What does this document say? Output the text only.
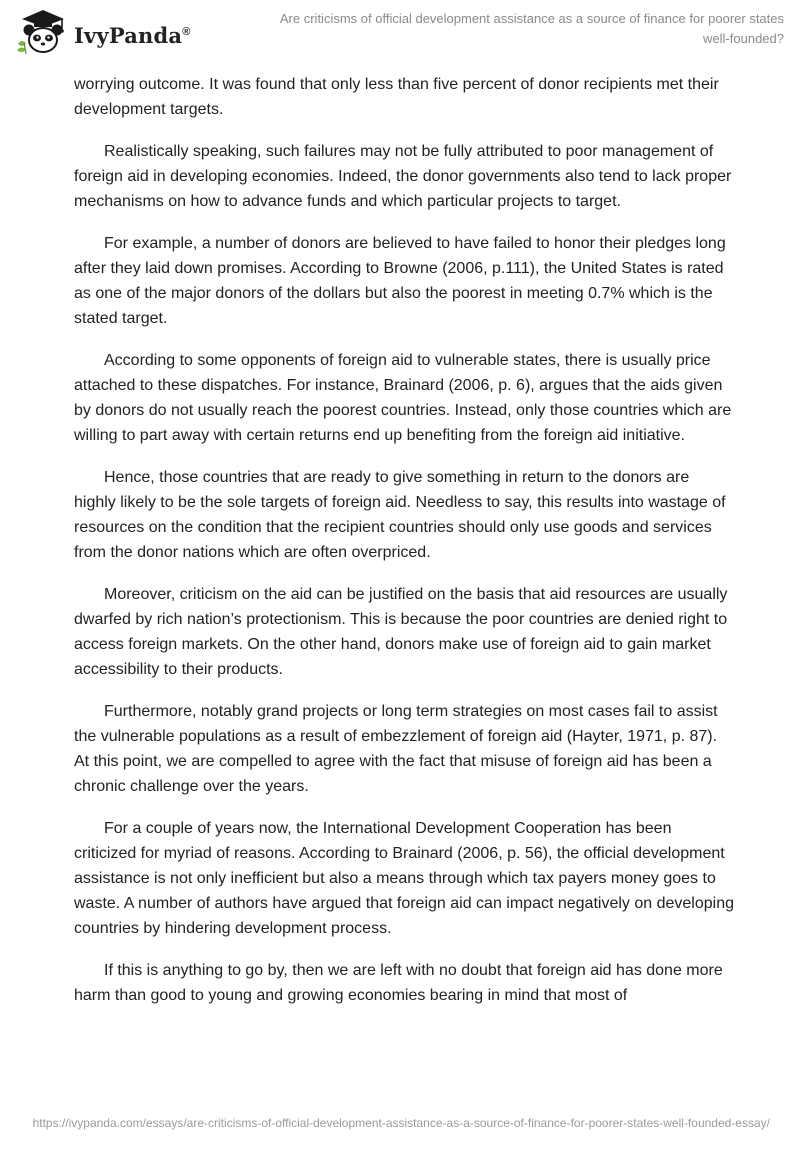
IvyPanda®
Are criticisms of official development assistance as a source of finance for poorer states well-founded?

worrying outcome. It was found that only less than five percent of donor recipients met their development targets.

Realistically speaking, such failures may not be fully attributed to poor management of foreign aid in developing economies. Indeed, the donor governments also tend to lack proper mechanisms on how to advance funds and which particular projects to target.

For example, a number of donors are believed to have failed to honor their pledges long after they laid down promises. According to Browne (2006, p.111), the United States is rated as one of the major donors of the dollars but also the poorest in meeting 0.7% which is the stated target.

According to some opponents of foreign aid to vulnerable states, there is usually price attached to these dispatches. For instance, Brainard (2006, p. 6), argues that the aids given by donors do not usually reach the poorest countries. Instead, only those countries which are willing to part away with certain returns end up benefiting from the foreign aid initiative.

Hence, those countries that are ready to give something in return to the donors are highly likely to be the sole targets of foreign aid. Needless to say, this results into wastage of resources on the condition that the recipient countries should only use goods and services from the donor nations which are often overpriced.

Moreover, criticism on the aid can be justified on the basis that aid resources are usually dwarfed by rich nation’s protectionism. This is because the poor countries are denied right to access foreign markets. On the other hand, donors make use of foreign aid to gain market accessibility to their products.

Furthermore, notably grand projects or long term strategies on most cases fail to assist the vulnerable populations as a result of embezzlement of foreign aid (Hayter, 1971, p. 87). At this point, we are compelled to agree with the fact that misuse of foreign aid has been a chronic challenge over the years.

For a couple of years now, the International Development Cooperation has been criticized for myriad of reasons. According to Brainard (2006, p. 56), the official development assistance is not only inefficient but also a means through which tax payers money goes to waste. A number of authors have argued that foreign aid can impact negatively on developing countries by hindering development process.

If this is anything to go by, then we are left with no doubt that foreign aid has done more harm than good to young and growing economies bearing in mind that most of

https://ivypanda.com/essays/are-criticisms-of-official-development-assistance-as-a-source-of-finance-for-poorer-states-well-founded-essay/
